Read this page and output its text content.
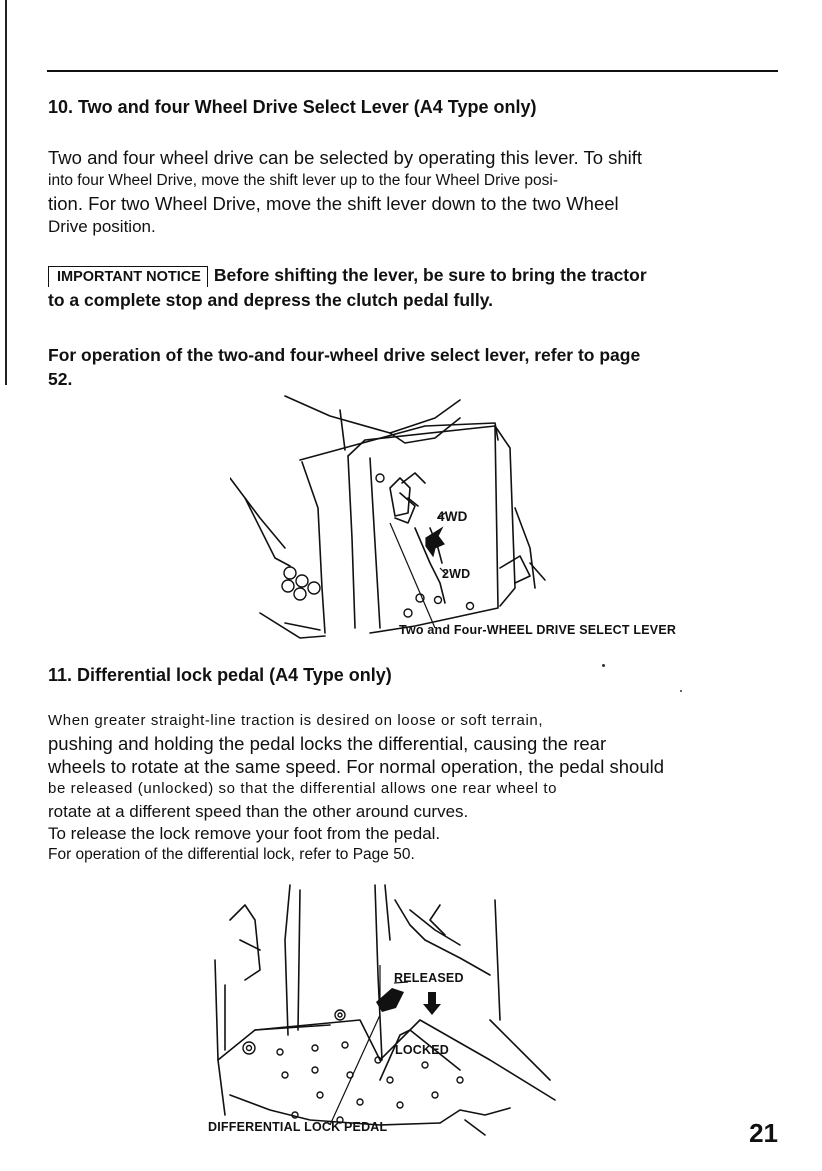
10. Two and four Wheel Drive Select Lever (A4 Type only)
Two and four wheel drive can be selected by operating this lever. To shift
into four Wheel Drive, move the shift lever up to the four Wheel Drive posi-
tion. For two Wheel Drive, move the shift lever down to the two Wheel
Drive position.
IMPORTANT NOTICE Before shifting the lever, be sure to bring the tractor
to a complete stop and depress the clutch pedal fully.
For operation of the two-and four-wheel drive select lever, refer to page
52.
4WD
2WD
Two and Four-WHEEL DRIVE SELECT LEVER
11. Differential lock pedal (A4 Type only)
When greater straight-line traction is desired on loose or soft terrain,
pushing and holding the pedal locks the differential, causing the rear
wheels to rotate at the same speed. For normal operation, the pedal should
be released (unlocked) so that the differential allows one rear wheel to
rotate at a different speed than the other around curves.
To release the lock remove your foot from the pedal.
For operation of the differential lock, refer to Page 50.
RELEASED
LOCKED
DIFFERENTIAL LOCK PEDAL	21
